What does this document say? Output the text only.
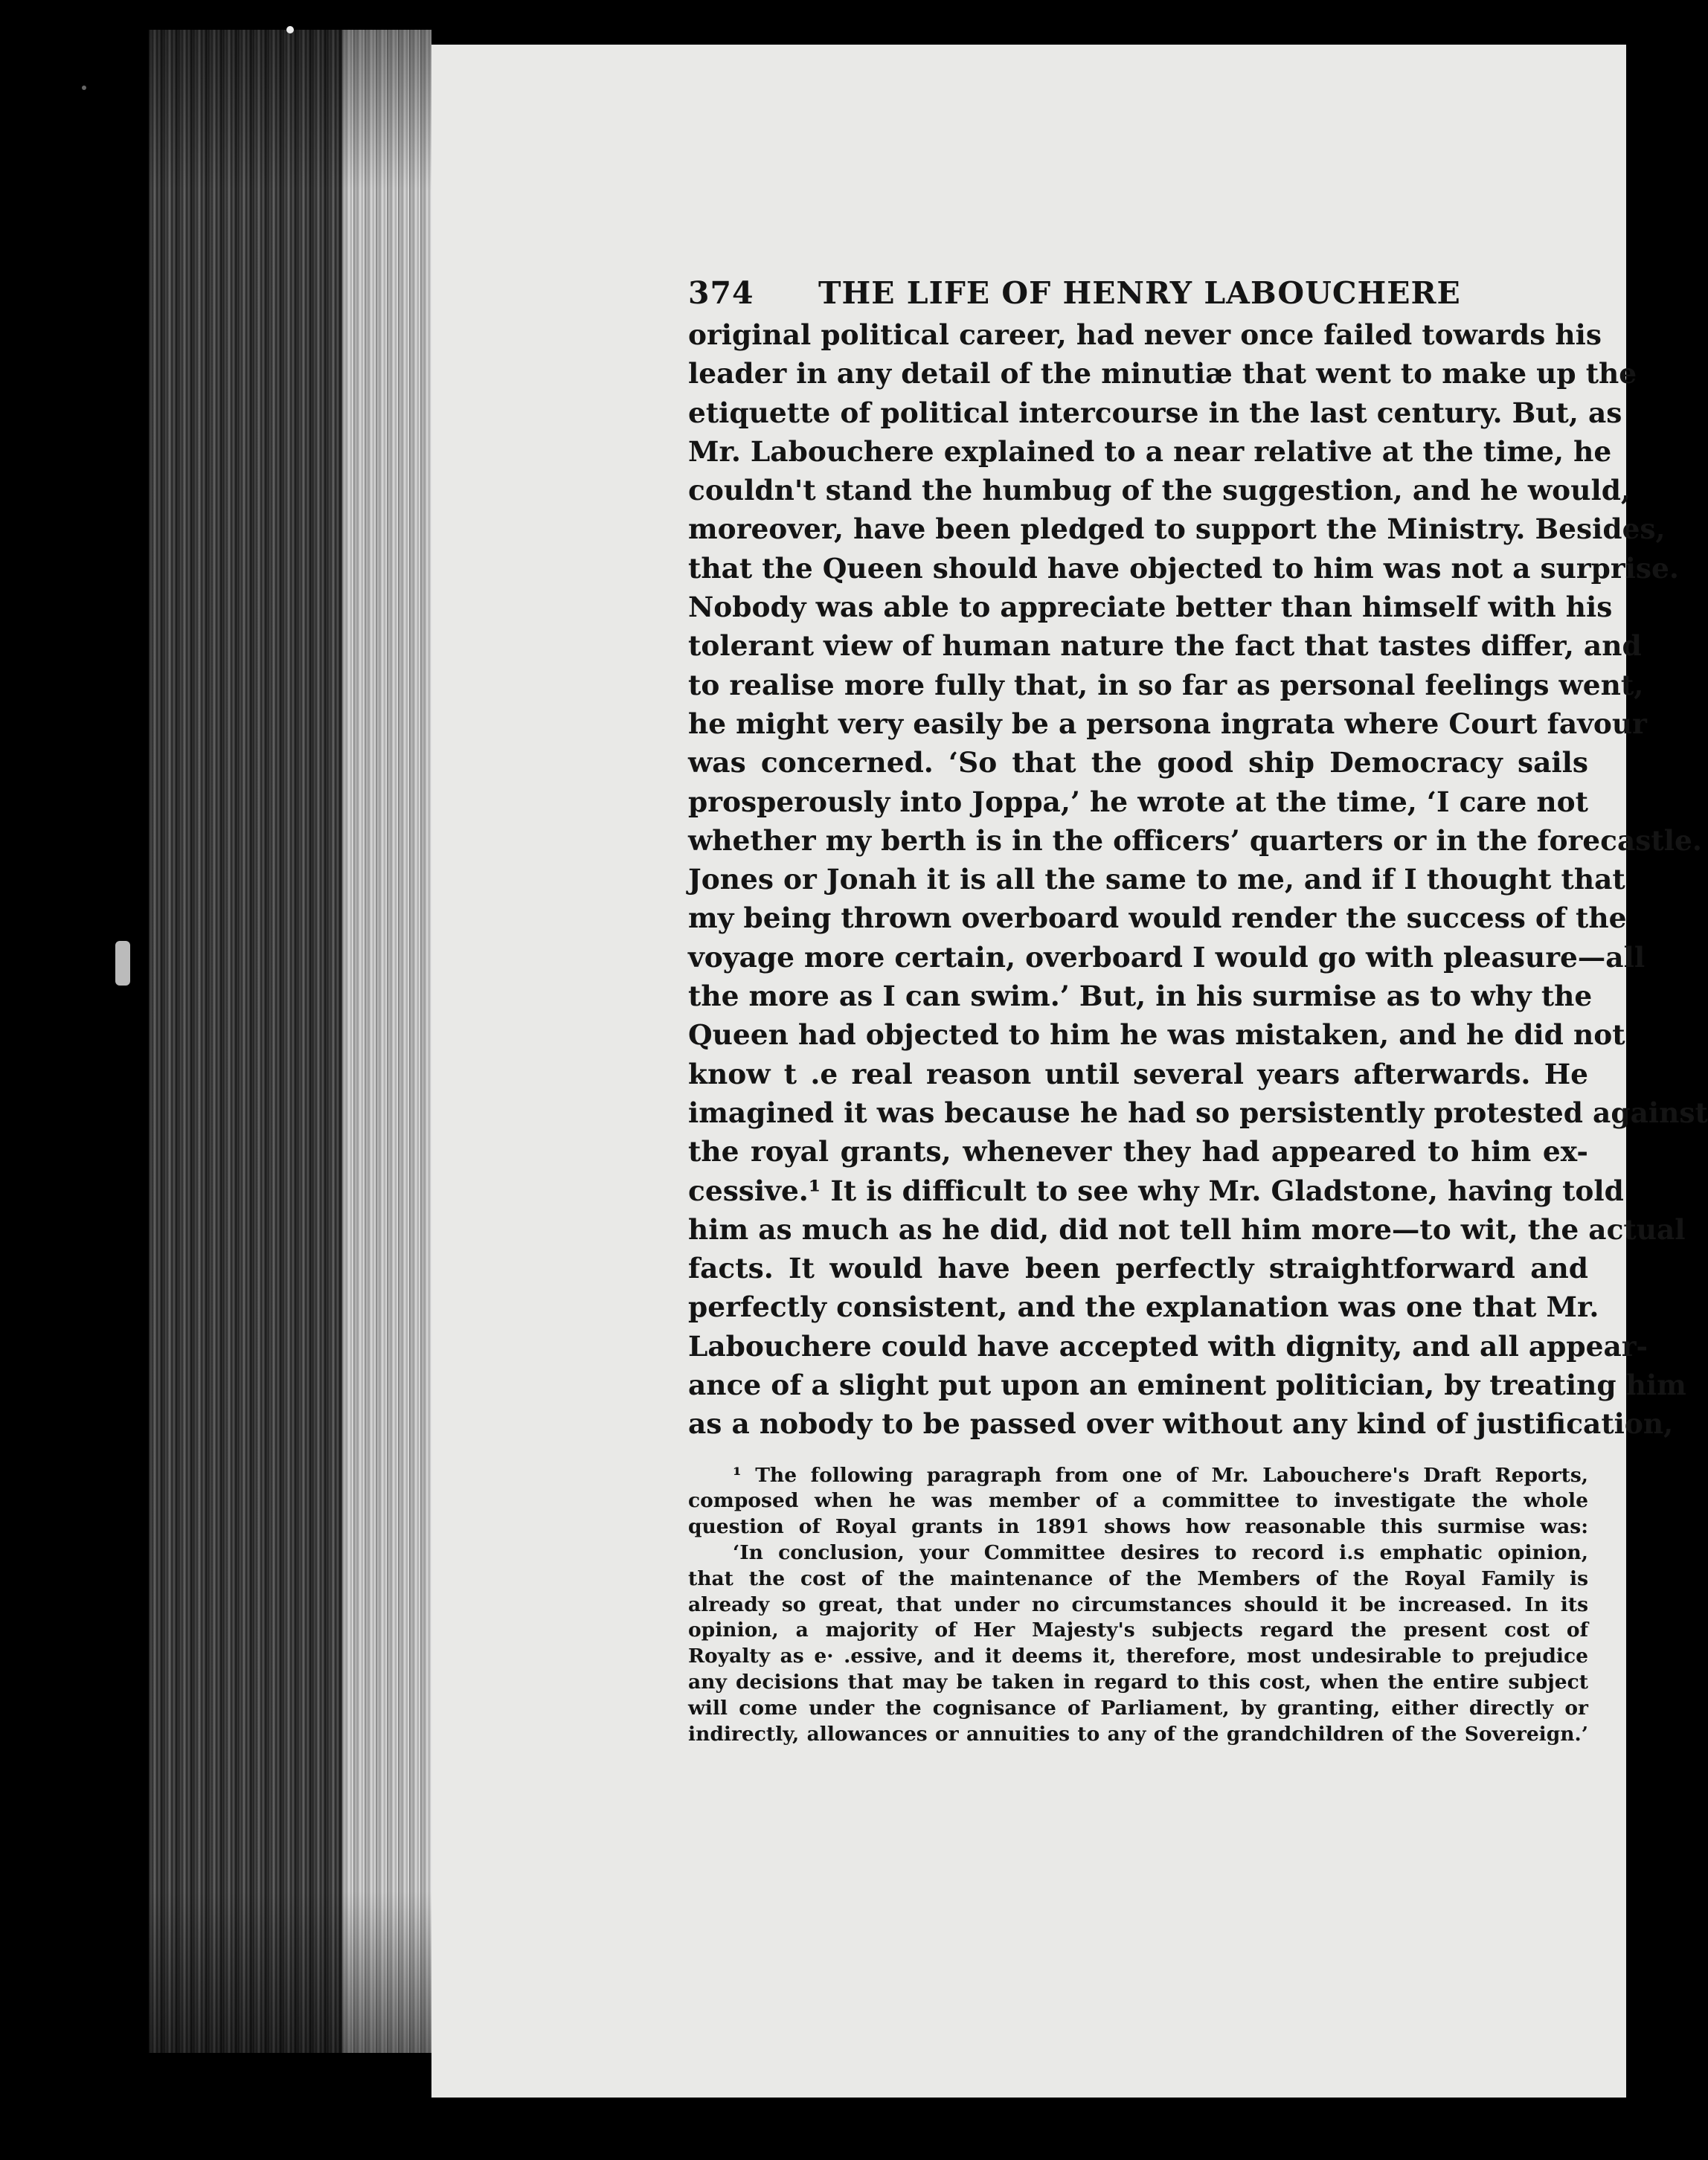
374	THE LIFE OF HENRY LABOUCHERE
original political career, had never once failed towards his
leader in any detail of the minutiæ that went to make up the
etiquette of political intercourse in the last century. But, as
Mr. Labouchere explained to a near relative at the time, he
couldn't stand the humbug of the suggestion, and he would,
moreover, have been pledged to support the Ministry. Besides,
that the Queen should have objected to him was not a surprise.
Nobody was able to appreciate better than himself with his
tolerant view of human nature the fact that tastes differ, and
to realise more fully that, in so far as personal feelings went,
he might very easily be a persona ingrata where Court favour
was concerned. ‘So that the good ship Democracy sails
prosperously into Joppa,’ he wrote at the time, ‘I care not
whether my berth is in the officers’ quarters or in the forecastle.
Jones or Jonah it is all the same to me, and if I thought that
my being thrown overboard would render the success of the
voyage more certain, overboard I would go with pleasure—all
the more as I can swim.’ But, in his surmise as to why the
Queen had objected to him he was mistaken, and he did not
know t .e real reason until several years afterwards. He
imagined it was because he had so persistently protested against
the royal grants, whenever they had appeared to him ex-
cessive.¹ It is difficult to see why Mr. Gladstone, having told
him as much as he did, did not tell him more—to wit, the actual
facts. It would have been perfectly straightforward and
perfectly consistent, and the explanation was one that Mr.
Labouchere could have accepted with dignity, and all appear-
ance of a slight put upon an eminent politician, by treating him
as a nobody to be passed over without any kind of justification,
¹ The following paragraph from one of Mr. Labouchere's Draft Reports,
composed when he was member of a committee to investigate the whole
question of Royal grants in 1891 shows how reasonable this surmise was:
‘In conclusion, your Committee desires to record i.s emphatic opinion,
that the cost of the maintenance of the Members of the Royal Family is
already so great, that under no circumstances should it be increased. In its
opinion, a majority of Her Majesty's subjects regard the present cost of
Royalty as e· .essive, and it deems it, therefore, most undesirable to prejudice
any decisions that may be taken in regard to this cost, when the entire subject
will come under the cognisance of Parliament, by granting, either directly or
indirectly, allowances or annuities to any of the grandchildren of the Sovereign.’
